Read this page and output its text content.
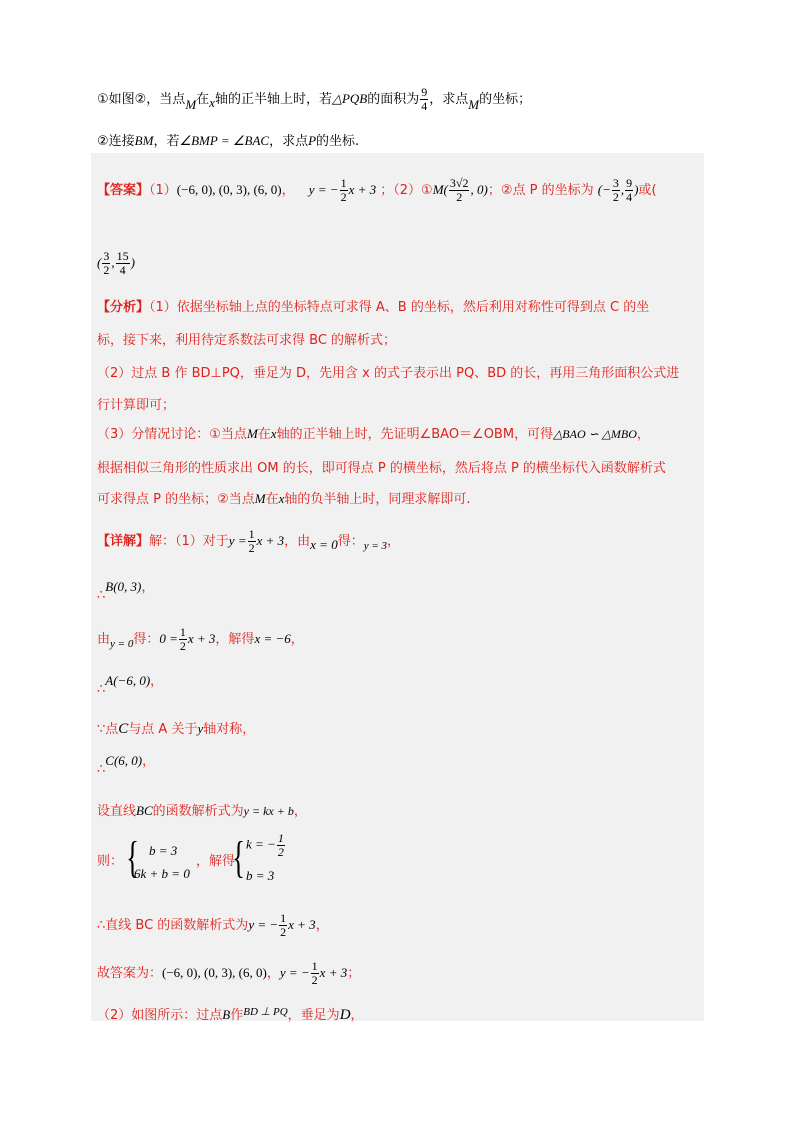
①如图②，当点M在x轴的正半轴上时，若△PQB的面积为 $\frac{9}{4}$ ，求点M的坐标；
②连接BM，若∠BMP = ∠BAC，求点P的坐标.
【答案】（1）(−6, 0), (0, 3), (6, 0)， y = − $\frac{1}{2}$ x + 3 ；（2）①M( $\frac{3√2}{2}$ , 0)；②点 P 的坐标为 (− $\frac{3}{2}$ , $\frac{9}{4}$ )或(
( $\frac{3}{2}$ , $\frac{15}{4}$ )
【分析】（1）依据坐标轴上点的坐标特点可求得 A、B 的坐标，然后利用对称性可得到点 C 的坐
标，接下来，利用待定系数法可求得 BC 的解析式；
（2）过点 B 作 BD⊥PQ，垂足为 D，先用含 x 的式子表示出 PQ、BD 的长，再用三角形面积公式进
行计算即可；
（3）分情况讨论：①当点M在x轴的正半轴上时，先证明∠BAO＝∠OBM，可得△BAO ∽ △MBO，
根据相似三角形的性质求出 OM 的长，即可得点 P 的横坐标，然后将点 P 的横坐标代入函数解析式
可求得点 P 的坐标；②当点M在x轴的负半轴上时，同理求解即可.
【详解】解：（1）对于$y = \frac{1}{2}$ x + 3，由x = 0得：$_{y = 3}$，
∴B(0, 3)，
由$_{y = 0}$得：$0 = \frac{1}{2}$ x + 3，解得x = −6，
∴A(−6, 0)，
∵点C与点 A 关于y轴对称，
∴C(6, 0)，
设直线BC的函数解析式为y = kx + b，
则： { b = 3
6k + b = 0
，解得
{ k = − $\frac{1}{2}$
b = 3
∴直线 BC 的函数解析式为y = − $\frac{1}{2}$ x + 3，
故答案为：(−6, 0), (0, 3), (6, 0)，y = − $\frac{1}{2}$ x + 3；
（2）如图所示：过点B作$^{BD \perp PQ}$，垂足为D，
